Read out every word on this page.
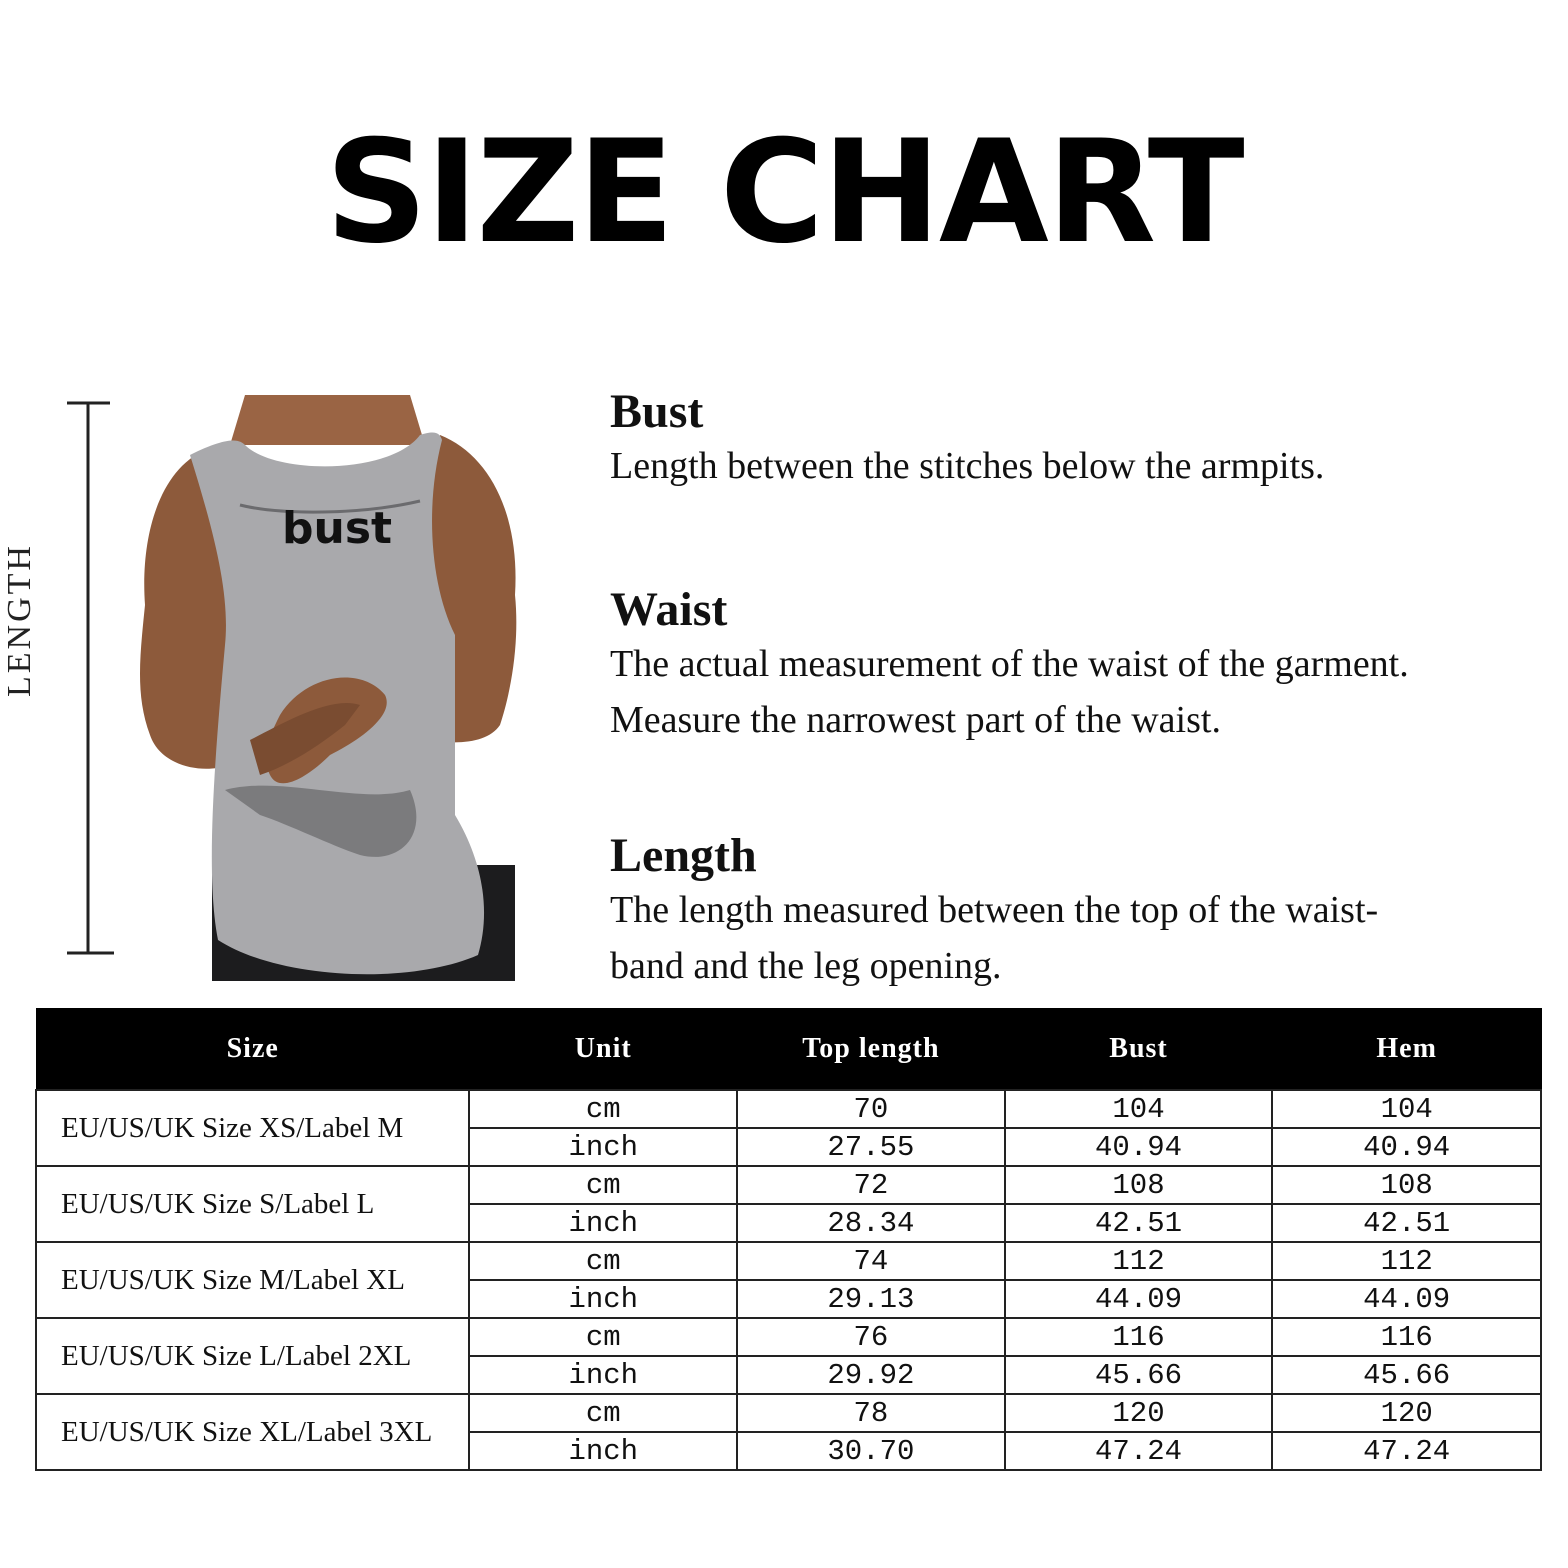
SIZE CHART
bust
LENGTH
Bust

Length between the stitches below the armpits.

Waist

The actual measurement of the waist of the garment.

Measure the narrowest part of the waist.

Length

The length measured between the top of the waist-

band and the leg opening.

Size	Unit	Top length	Bust	Hem
EU/US/UK Size XS/Label M	cm	70	104	104
	inch	27.55	40.94	40.94
EU/US/UK Size S/Label L	cm	72	108	108
	inch	28.34	42.51	42.51
EU/US/UK Size M/Label XL	cm	74	112	112
	inch	29.13	44.09	44.09
EU/US/UK Size L/Label 2XL	cm	76	116	116
	inch	29.92	45.66	45.66
EU/US/UK Size XL/Label 3XL	cm	78	120	120
	inch	30.70	47.24	47.24
